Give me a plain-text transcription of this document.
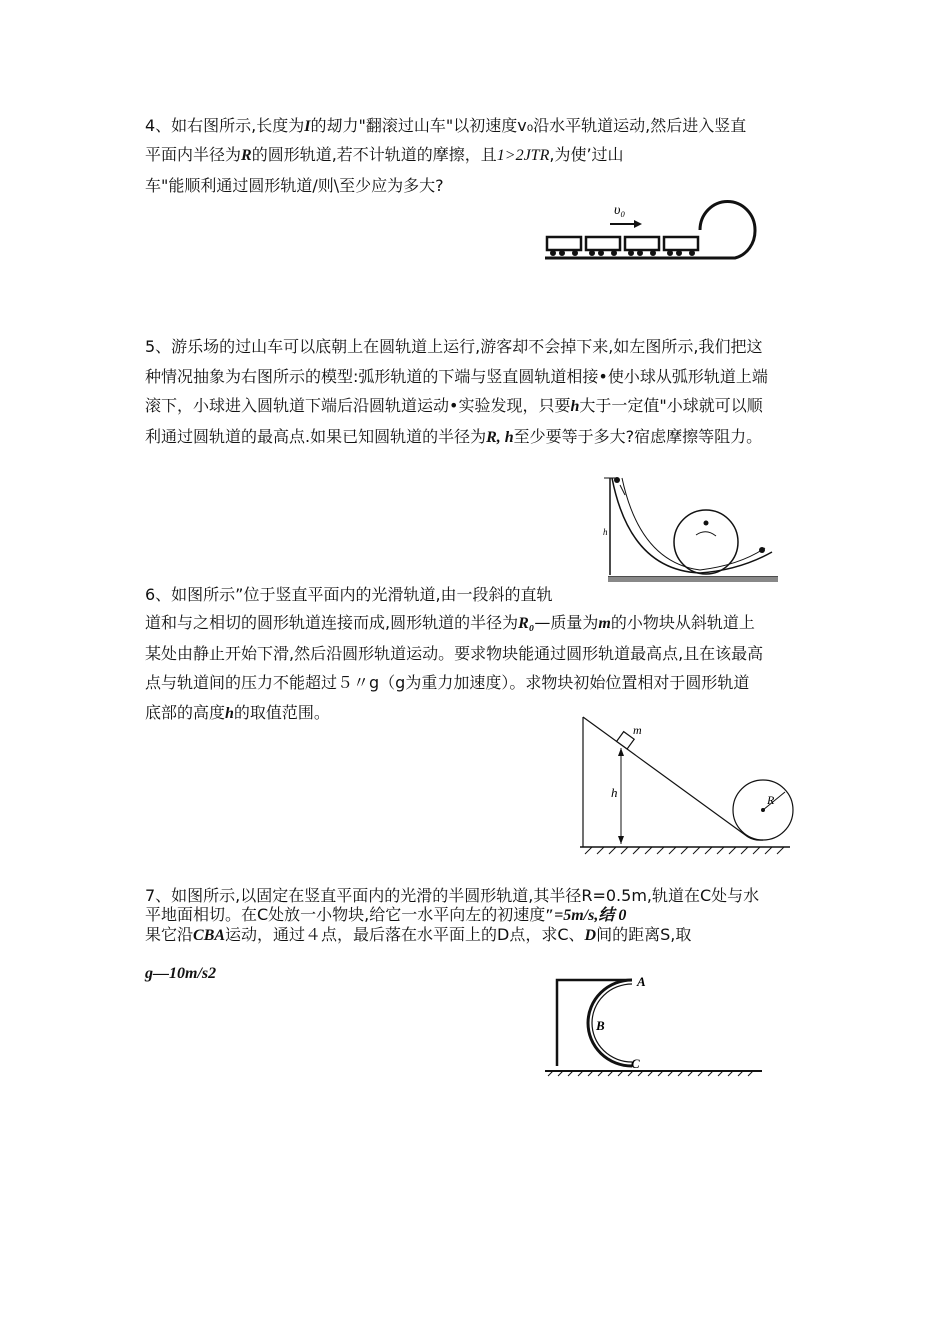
4、如右图所示,长度为I的刼力"翻滚过山车"以初速度v₀沿水平轨道运动,然后进入竖直
平面内半径为R的圆形轨道,若不计轨道的摩擦，且1>2JTR,为使’过山
车"能顺利通过圆形轨道/则\至少应为多大?
υ₀
5、游乐场的过山车可以底朝上在圆轨道上运行,游客却不会掉下来,如左图所示,我们把这
种情况抽象为右图所示的模型:弧形轨道的下端与竖直圆轨道相接•使小球从弧形轨道上端
滚下，小球进入圆轨道下端后沿圆轨道运动•实验发现，只要h大于一定值"小球就可以顺
利通过圆轨道的最高点.如果已知圆轨道的半径为R, h至少要等于多大?宿虑摩擦等阻力。
h
6、如图所示”位于竖直平面内的光滑轨道,由一段斜的直轨
道和与之相切的圆形轨道连接而成,圆形轨道的半径为R₀—质量为m的小物块从斜轨道上
某处由静止开始下滑,然后沿圆形轨道运动。要求物块能通过圆形轨道最高点,且在该最高
点与轨道间的压力不能超过５〃g（g为重力加速度）。求物块初始位置相对于圆形轨道
底部的高度h的取值范围。
m
h	R
7、如图所示,以固定在竖直平面内的光滑的半圆形轨道,其半径R=0.5m,轨道在C处与水
平地面相切。在C处放一小物块,给它一水平向左的初速度″=5m/s,结 0
果它沿CBA运动，通过４点，最后落在水平面上的D点，求C、D间的距离S,取
g—10m/s2	A
B
C
